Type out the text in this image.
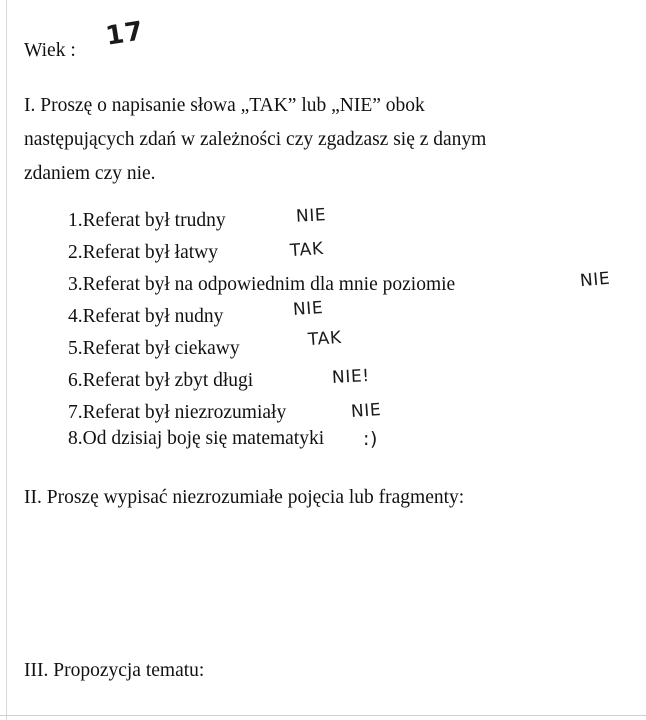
Wiek : 17
I. Proszę o napisanie słowa „TAK” lub „NIE” obok
następujących zdań w zależności czy zgadzasz się z danym
zdaniem czy nie.
1.Referat był trudny	NIE
2.Referat był łatwy	TAK
3.Referat był na odpowiednim dla mnie poziomie	NIE
4.Referat był nudny	NIE
5.Referat był ciekawy	TAK
6.Referat był zbyt długi	NIE!
7.Referat był niezrozumiały	NIE
8.Od dzisiaj boję się matematyki :)
II. Proszę wypisać niezrozumiałe pojęcia lub fragmenty:
III. Propozycja tematu:
